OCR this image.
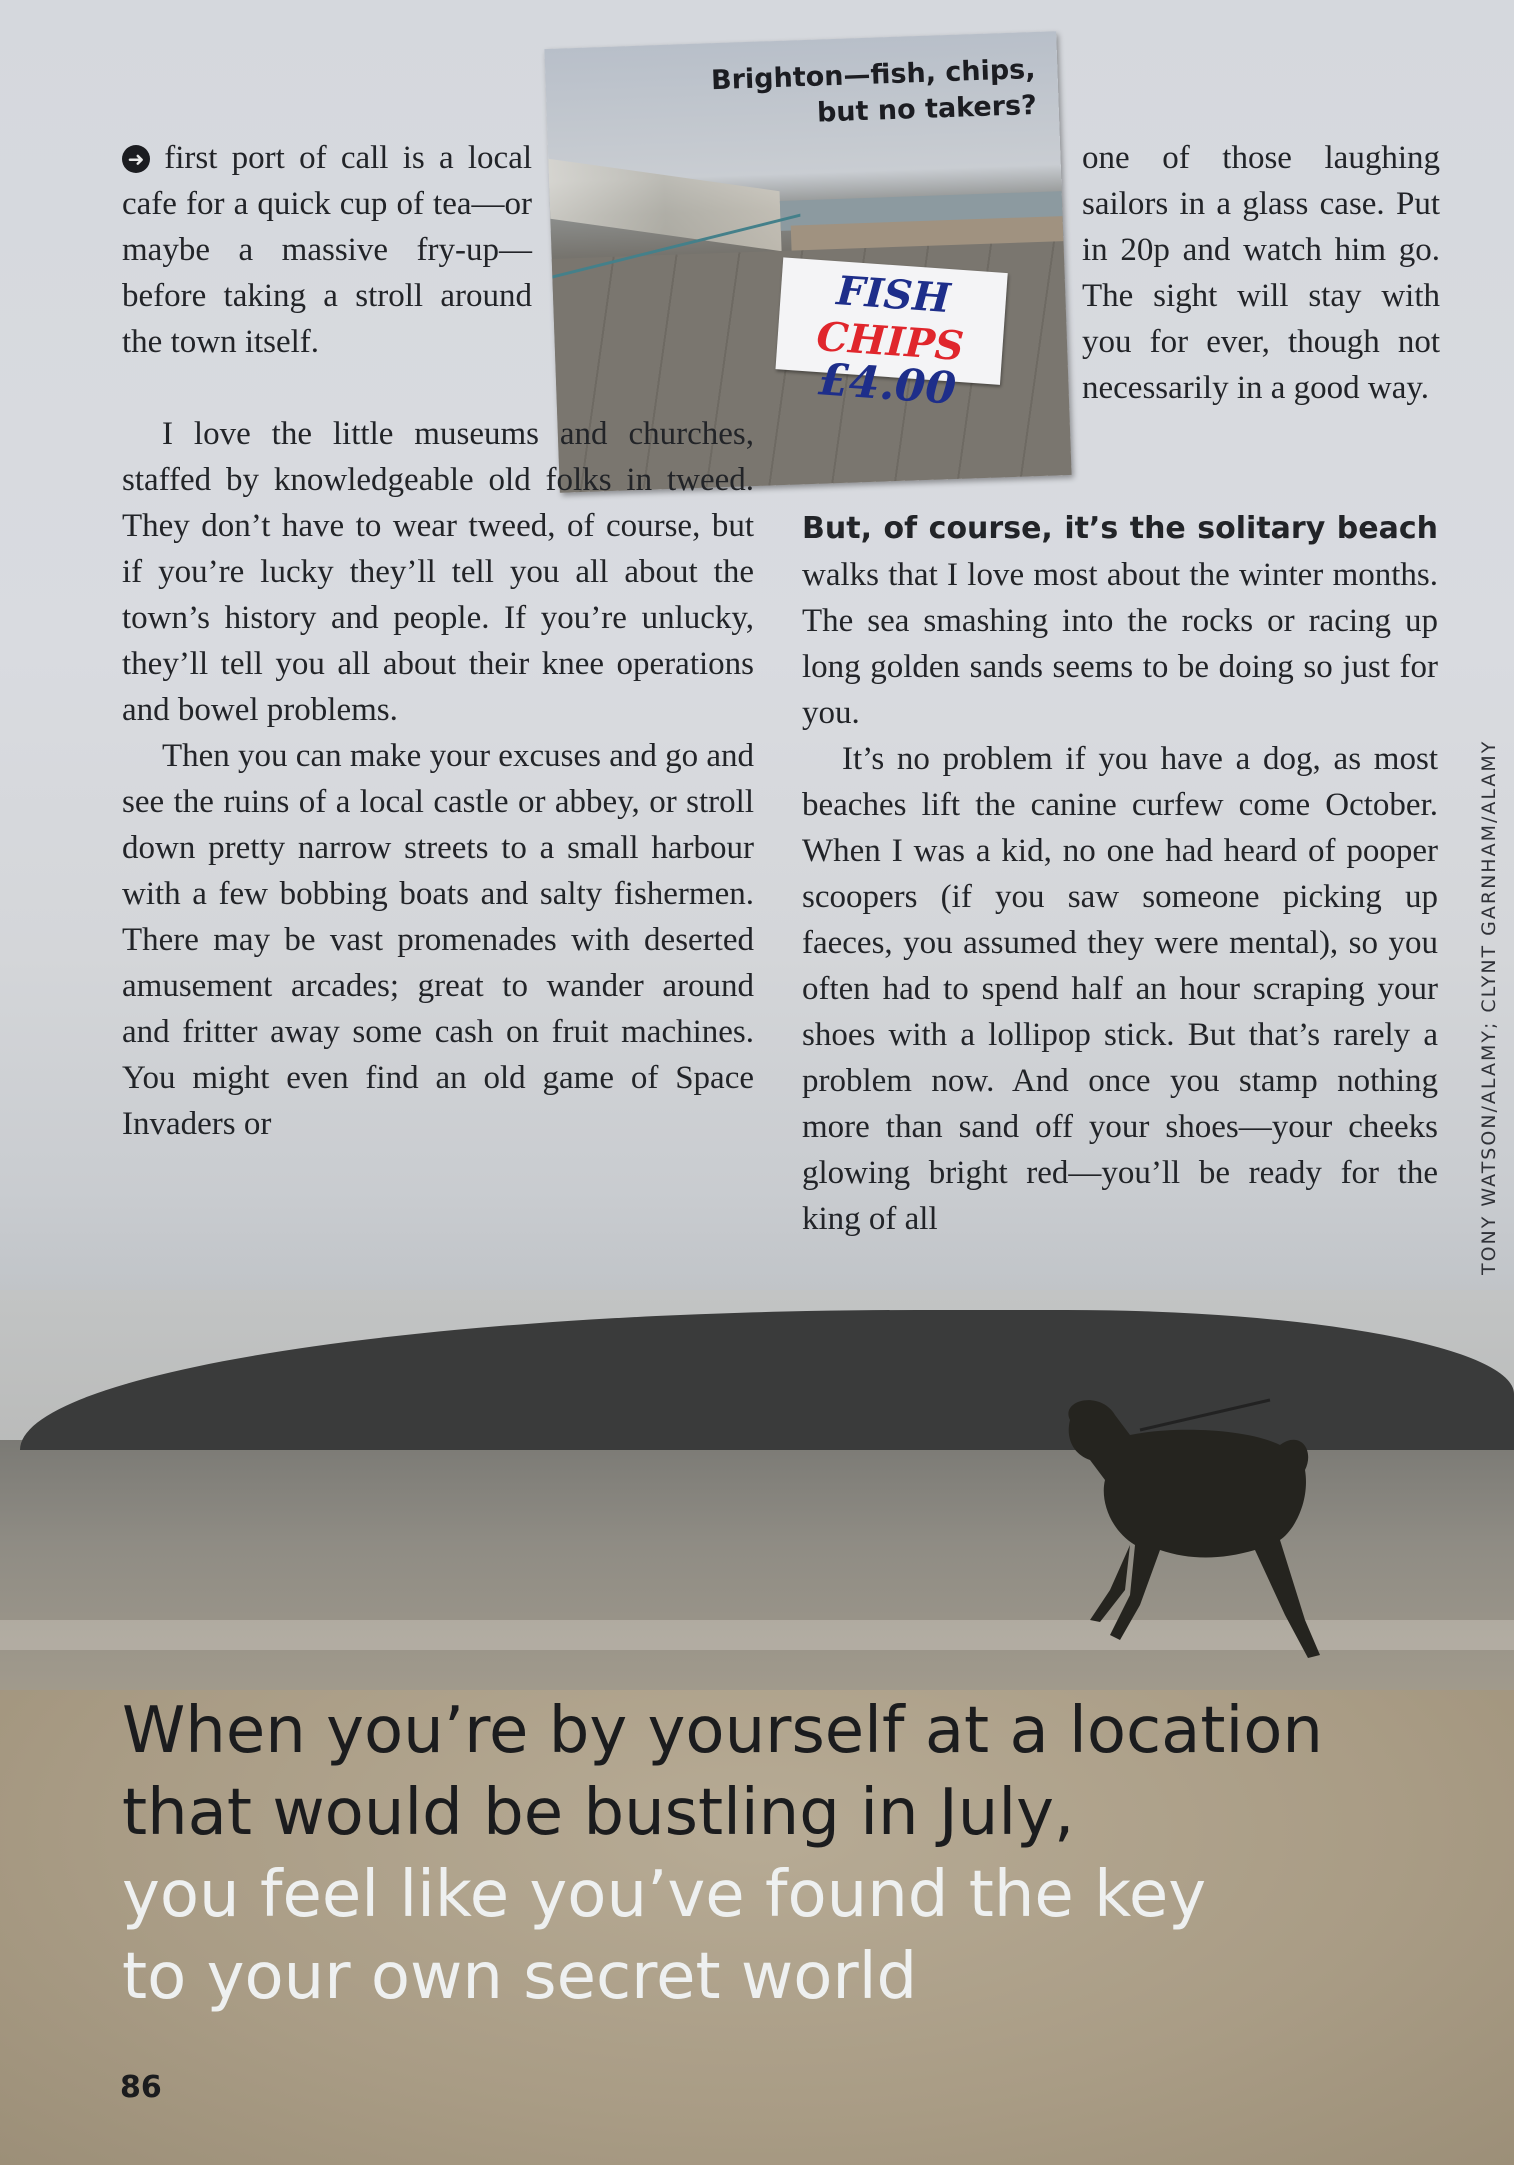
Brighton—fish, chips,
but no takers?
FISH CHIPS
£4.00

➜ first port of call is a local cafe for a quick cup of tea—or maybe a massive fry-up—before taking a stroll around the town itself.

I love the little museums and churches, staffed by knowledgeable old folks in tweed. They don’t have to wear tweed, of course, but if you’re lucky they’ll tell you all about the town’s history and people. If you’re unlucky, they’ll tell you all about their knee operations and bowel problems.

Then you can make your excuses and go and see the ruins of a local castle or abbey, or stroll down pretty narrow streets to a small harbour with a few bobbing boats and salty fishermen. There may be vast promenades with deserted amusement arcades; great to wander around and fritter away some cash on fruit machines. You might even find an old game of Space Invaders or

one of those laughing sailors in a glass case. Put in 20p and watch him go. The sight will stay with you for ever, though not necessarily in a good way.

But, of course, it’s the solitary beach walks that I love most about the winter months. The sea smashing into the rocks or racing up long golden sands seems to be doing so just for you.

It’s no problem if you have a dog, as most beaches lift the canine curfew come October. When I was a kid, no one had heard of pooper scoopers (if you saw someone picking up faeces, you assumed they were mental), so you often had to spend half an hour scraping your shoes with a lollipop stick. But that’s rarely a problem now. And once you stamp nothing more than sand off your shoes—your cheeks glowing bright red—you’ll be ready for the king of all	TONY WATSON/ALAMY; CLYNT GARNHAM/ALAMY
When you’re by yourself at a location
that would be bustling in July,
you feel like you’ve found the key
to your own secret world
86
